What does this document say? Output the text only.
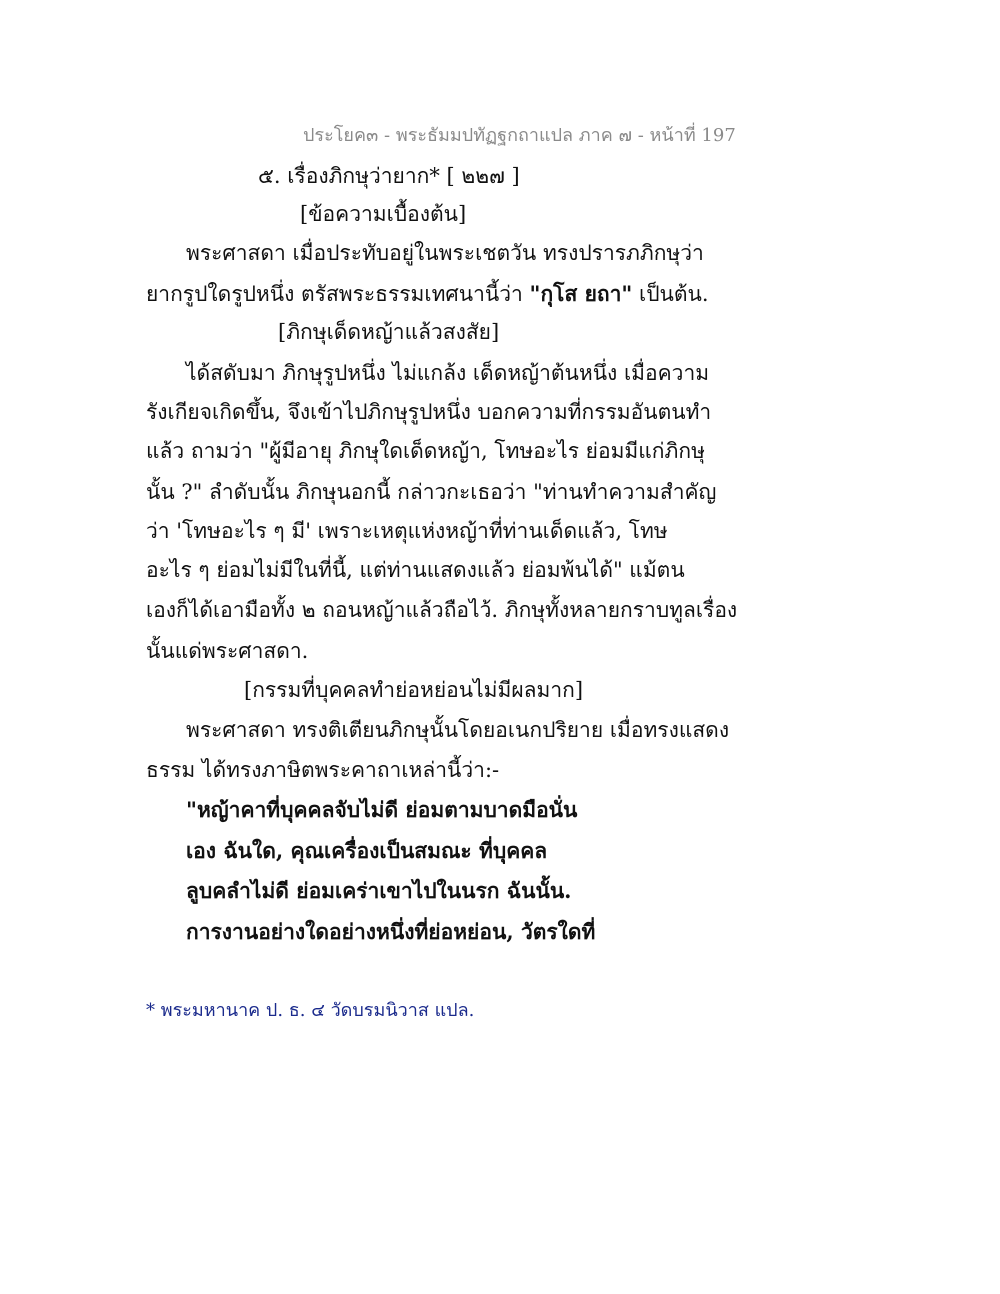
ประโยค๓ - พระธัมมปทัฏฐกถาแปล ภาค ๗ - หน้าที่ 197
๕. เรื่องภิกษุว่ายาก* [ ๒๒๗ ]
[ข้อความเบื้องต้น]
พระศาสดา เมื่อประทับอยู่ในพระเชตวัน ทรงปรารภภิกษุว่า
ยากรูปใดรูปหนึ่ง ตรัสพระธรรมเทศนานี้ว่า "กุโส ยถา" เป็นต้น.
[ภิกษุเด็ดหญ้าแล้วสงสัย]
ได้สดับมา ภิกษุรูปหนึ่ง ไม่แกล้ง เด็ดหญ้าต้นหนึ่ง เมื่อความ
รังเกียจเกิดขึ้น, จึงเข้าไปภิกษุรูปหนึ่ง บอกความที่กรรมอันตนทำ
แล้ว ถามว่า "ผู้มีอายุ ภิกษุใดเด็ดหญ้า, โทษอะไร ย่อมมีแก่ภิกษุ
นั้น ?" ลำดับนั้น ภิกษุนอกนี้ กล่าวกะเธอว่า "ท่านทำความสำคัญ
ว่า 'โทษอะไร ๆ มี' เพราะเหตุแห่งหญ้าที่ท่านเด็ดแล้ว, โทษ
อะไร ๆ ย่อมไม่มีในที่นี้, แต่ท่านแสดงแล้ว ย่อมพ้นได้" แม้ตน
เองก็ได้เอามือทั้ง ๒ ถอนหญ้าแล้วถือไว้. ภิกษุทั้งหลายกราบทูลเรื่อง
นั้นแด่พระศาสดา.
[กรรมที่บุคคลทำย่อหย่อนไม่มีผลมาก]
พระศาสดา ทรงติเตียนภิกษุนั้นโดยอเนกปริยาย เมื่อทรงแสดง
ธรรม ได้ทรงภาษิตพระคาถาเหล่านี้ว่า:-
"หญ้าคาที่บุคคลจับไม่ดี ย่อมตามบาดมือนั่น
เอง ฉันใด, คุณเครื่องเป็นสมณะ ที่บุคคล
ลูบคลำไม่ดี ย่อมเคร่าเขาไปในนรก ฉันนั้น.
การงานอย่างใดอย่างหนึ่งที่ย่อหย่อน, วัตรใดที่
* พระมหานาค ป. ธ. ๔ วัดบรมนิวาส แปล.
